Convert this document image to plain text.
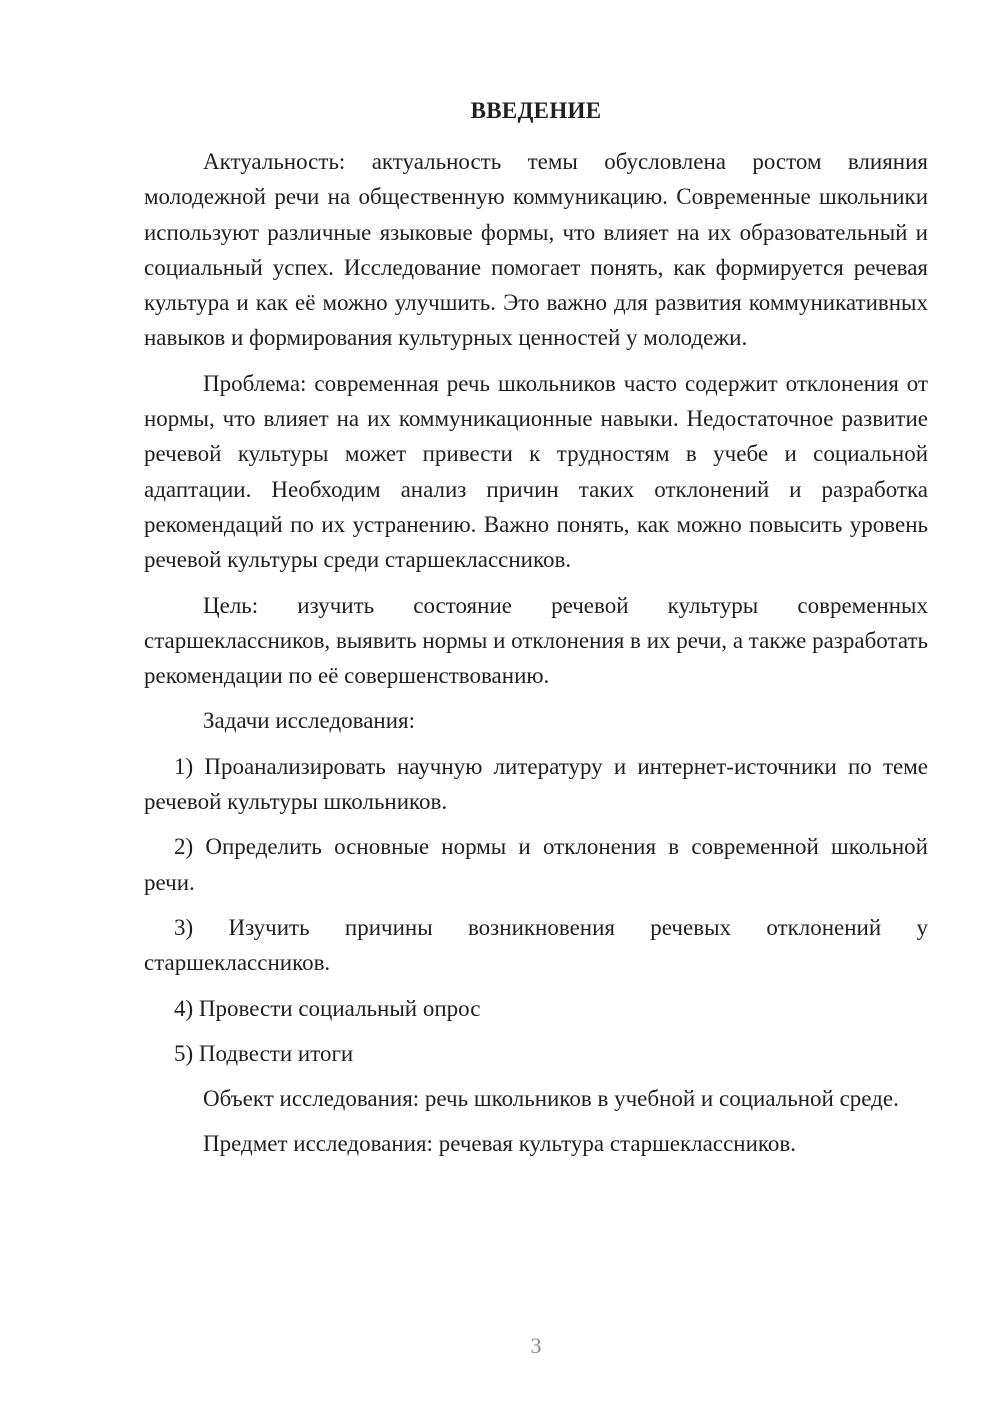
ВВЕДЕНИЕ

Актуальность: актуальность темы обусловлена ростом влияния молодежной речи на общественную коммуникацию. Современные школьники используют различные языковые формы, что влияет на их образовательный и социальный успех. Исследование помогает понять, как формируется речевая культура и как её можно улучшить. Это важно для развития коммуникативных навыков и формирования культурных ценностей у молодежи.

Проблема: современная речь школьников часто содержит отклонения от нормы, что влияет на их коммуникационные навыки. Недостаточное развитие речевой культуры может привести к трудностям в учебе и социальной адаптации. Необходим анализ причин таких отклонений и разработка рекомендаций по их устранению. Важно понять, как можно повысить уровень речевой культуры среди старшеклассников.

Цель: изучить состояние речевой культуры современных старшеклассников, выявить нормы и отклонения в их речи, а также разработать рекомендации по её совершенствованию.

Задачи исследования:

1) Проанализировать научную литературу и интернет-источники по теме речевой культуры школьников.

2) Определить основные нормы и отклонения в современной школьной речи.

3) Изучить причины возникновения речевых отклонений у старшеклассников.

4) Провести социальный опрос

5) Подвести итоги

Объект исследования: речь школьников в учебной и социальной среде.

Предмет исследования: речевая культура старшеклассников.

3
